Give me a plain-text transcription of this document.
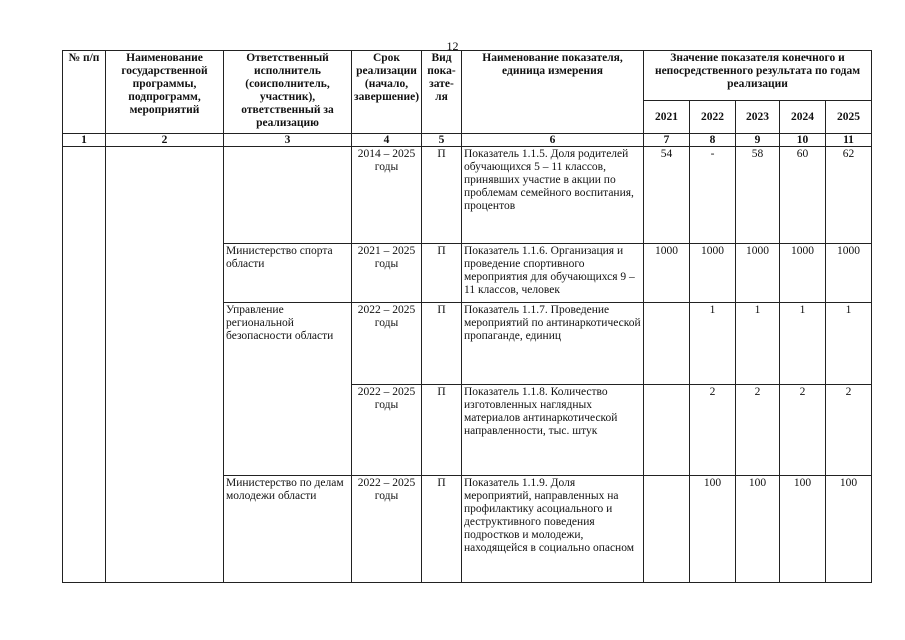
12
№ п/п	Наименование государственной программы, подпрограмм, мероприятий	Ответственный исполнитель (соисполнитель, участник), ответственный за реализацию	Срок реализации (начало, завершение)	Вид пока-зате-ля	Наименование показателя, единица измерения	Значение показателя конечного и непосредственного результата по годам реализации				
						2021	2022	2023	2024	2025
1	2	3	4	5	6	7	8	9	10	11
			2014 – 2025 годы	П	Показатель 1.1.5. Доля родителей обучающихся 5 – 11 классов, принявших участие в акции по проблемам семейного воспитания, процентов	54	-	58	60	62
		Министерство спорта области	2021 – 2025 годы	П	Показатель 1.1.6. Организация и проведение спортивного мероприятия для обучающихся 9 – 11 классов, человек	1000	1000	1000	1000	1000
		Управление региональной безопасности области	2022 – 2025 годы	П	Показатель 1.1.7. Проведение мероприятий по антинаркотической пропаганде, единиц		1	1	1	1
			2022 – 2025 годы	П	Показатель 1.1.8. Количество изготовленных наглядных материалов антинаркотической направленности, тыс. штук		2	2	2	2
		Министерство по делам молодежи области	2022 – 2025 годы	П	Показатель 1.1.9. Доля мероприятий, направленных на профилактику асоциального и деструктивного поведения подростков и молодежи, находящейся в социально опасном		100	100	100	100
